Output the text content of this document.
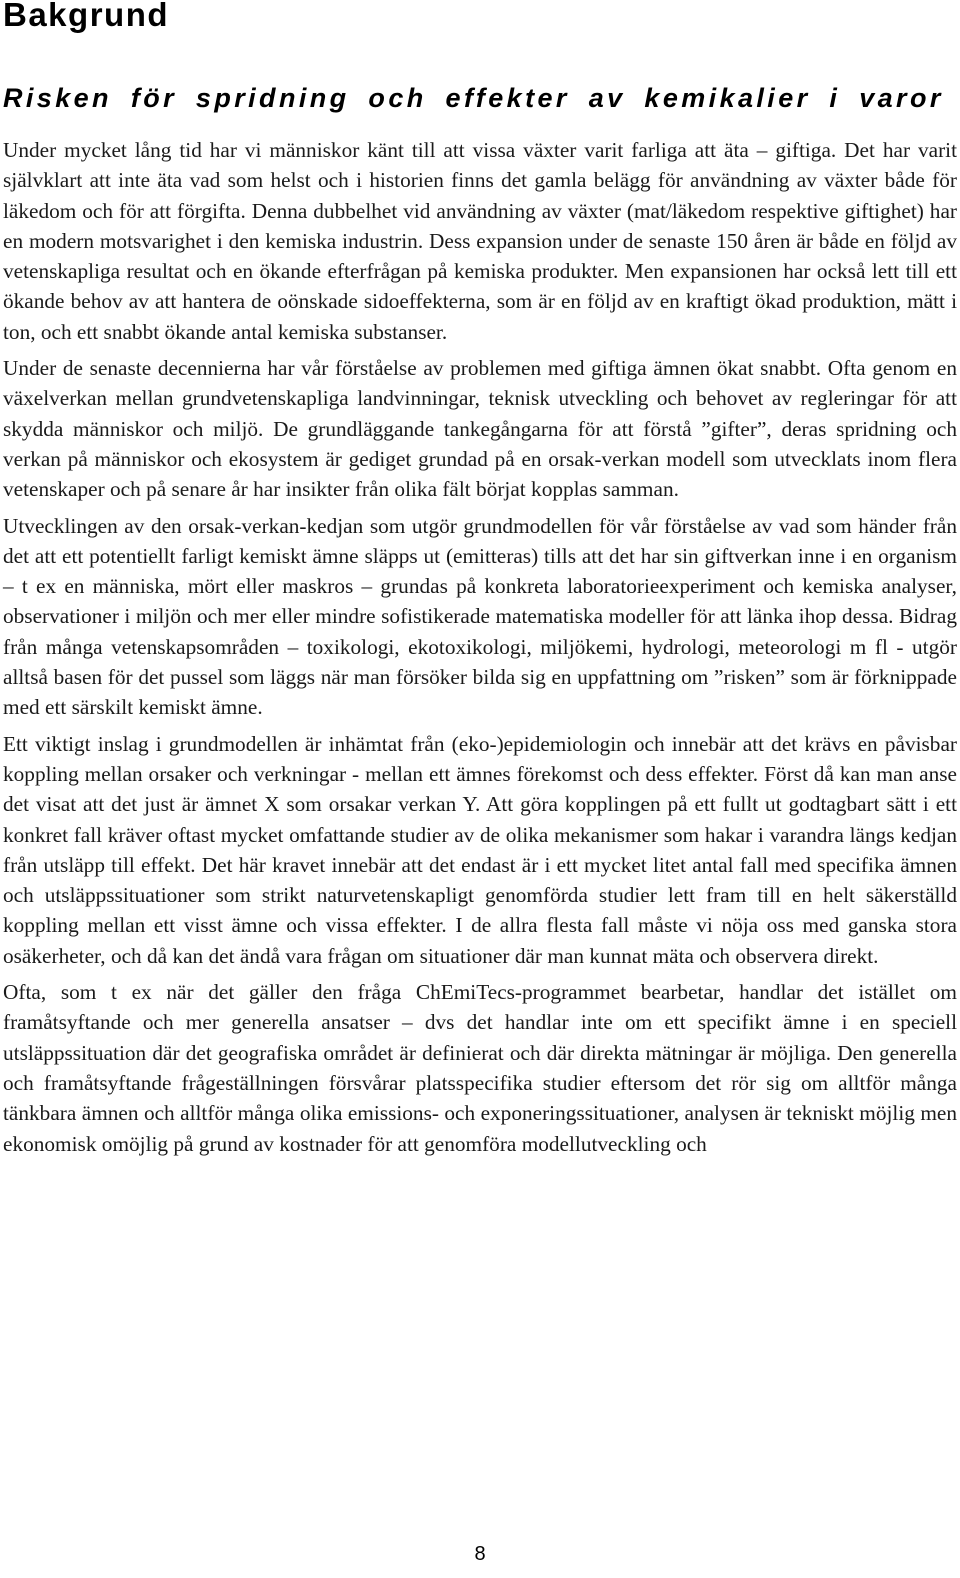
Bakgrund
Risken för spridning och effekter av kemikalier i varor

Under mycket lång tid har vi människor känt till att vissa växter varit farliga att äta – giftiga. Det har varit självklart att inte äta vad som helst och i historien finns det gamla belägg för användning av växter både för läkedom och för att förgifta. Denna dubbelhet vid användning av växter (mat/läkedom respektive giftighet) har en modern motsvarighet i den kemiska industrin. Dess expansion under de senaste 150 åren är både en följd av vetenskapliga resultat och en ökande efterfrågan på kemiska produkter. Men expansionen har också lett till ett ökande behov av att hantera de oönskade sidoeffekterna, som är en följd av en kraftigt ökad produktion, mätt i ton, och ett snabbt ökande antal kemiska substanser.

Under de senaste decennierna har vår förståelse av problemen med giftiga ämnen ökat snabbt. Ofta genom en växelverkan mellan grundvetenskapliga landvinningar, teknisk utveckling och behovet av regleringar för att skydda människor och miljö. De grundläggande tankegångarna för att förstå ”gifter”, deras spridning och verkan på människor och ekosystem är gediget grundad på en orsak-verkan modell som utvecklats inom flera vetenskaper och på senare år har insikter från olika fält börjat kopplas samman.

Utvecklingen av den orsak-verkan-kedjan som utgör grundmodellen för vår förståelse av vad som händer från det att ett potentiellt farligt kemiskt ämne släpps ut (emitteras) tills att det har sin giftverkan inne i en organism – t ex en människa, mört eller maskros – grundas på konkreta laboratorieexperiment och kemiska analyser, observationer i miljön och mer eller mindre sofistikerade matematiska modeller för att länka ihop dessa. Bidrag från många vetenskapsområden – toxikologi, ekotoxikologi, miljökemi, hydrologi, meteorologi m fl - utgör alltså basen för det pussel som läggs när man försöker bilda sig en uppfattning om ”risken” som är förknippade med ett särskilt kemiskt ämne.

Ett viktigt inslag i grundmodellen är inhämtat från (eko-)epidemiologin och innebär att det krävs en påvisbar koppling mellan orsaker och verkningar - mellan ett ämnes förekomst och dess effekter. Först då kan man anse det visat att det just är ämnet X som orsakar verkan Y. Att göra kopplingen på ett fullt ut godtagbart sätt i ett konkret fall kräver oftast mycket omfattande studier av de olika mekanismer som hakar i varandra längs kedjan från utsläpp till effekt. Det här kravet innebär att det endast är i ett mycket litet antal fall med specifika ämnen och utsläppssituationer som strikt naturvetenskapligt genomförda studier lett fram till en helt säkerställd koppling mellan ett visst ämne och vissa effekter. I de allra flesta fall måste vi nöja oss med ganska stora osäkerheter, och då kan det ändå vara frågan om situationer där man kunnat mäta och observera direkt.

Ofta, som t ex när det gäller den fråga ChEmiTecs-programmet bearbetar, handlar det istället om framåtsyftande och mer generella ansatser – dvs det handlar inte om ett specifikt ämne i en speciell utsläppssituation där det geografiska området är definierat och där direkta mätningar är möjliga. Den generella och framåtsyftande frågeställningen försvårar platsspecifika studier eftersom det rör sig om alltför många tänkbara ämnen och alltför många olika emissions- och exponeringssituationer, analysen är tekniskt möjlig men ekonomisk omöjlig på grund av kostnader för att genomföra modellutveckling och

8
